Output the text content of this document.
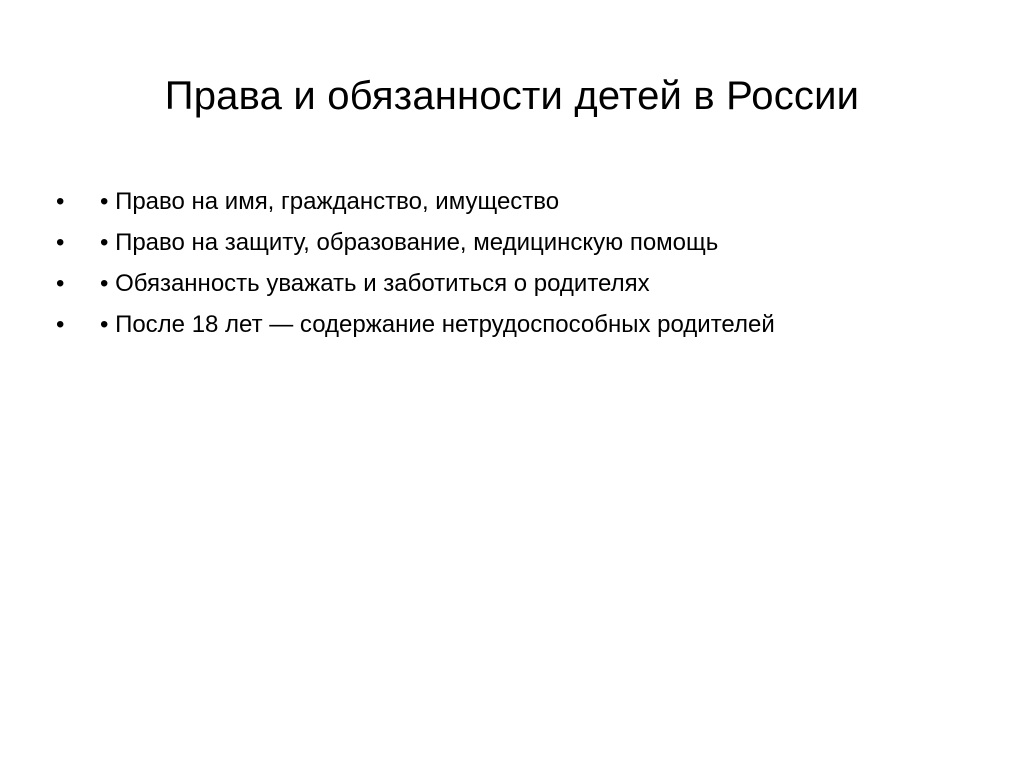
Права и обязанности детей в России
•	• Право на имя, гражданство, имущество
•	• Право на защиту, образование, медицинскую помощь
•	• Обязанность уважать и заботиться о родителях
•	• После 18 лет — содержание нетрудоспособных родителей
